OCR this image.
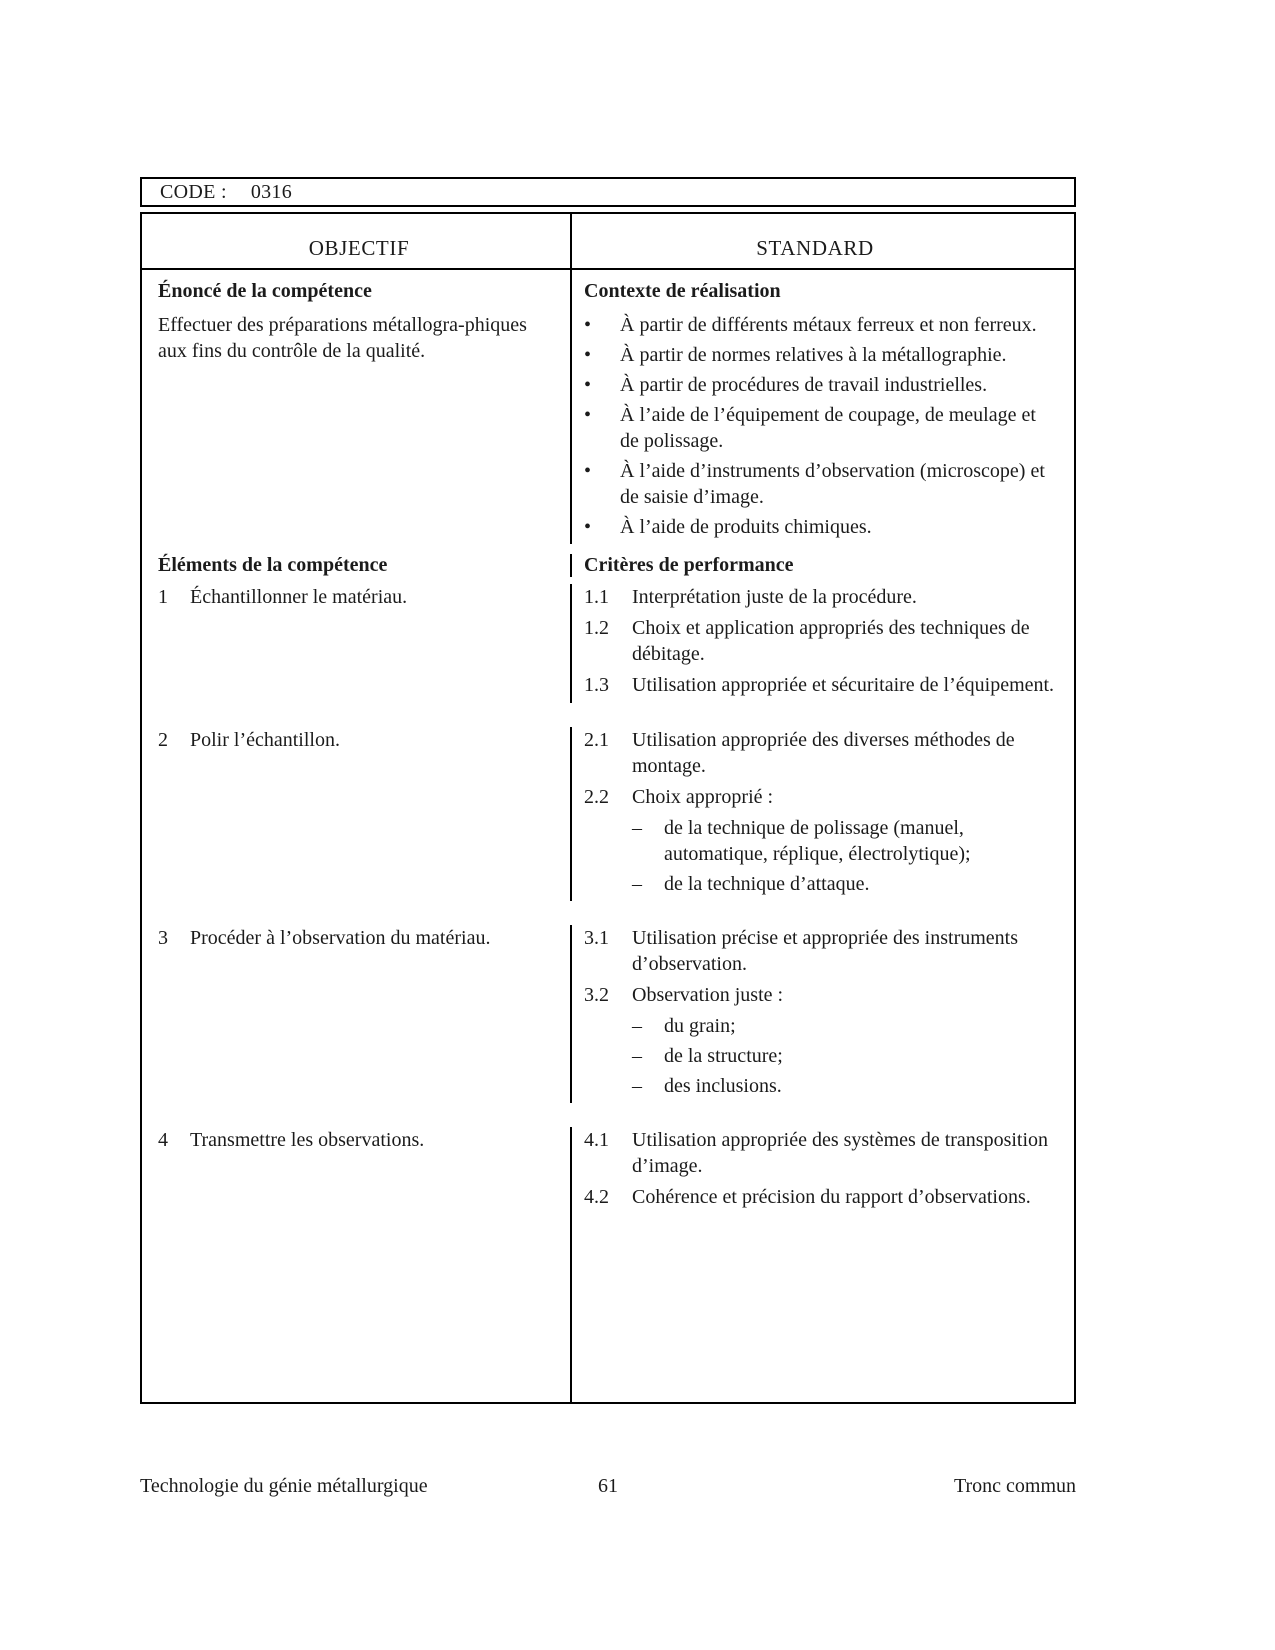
CODE : 0316
OBJECTIF	STANDARD
Énoncé de la compétence
Effectuer des préparations métallogra-phiques aux fins du contrôle de la qualité.
Contexte de réalisation
•	À partir de différents métaux ferreux et non ferreux.
•	À partir de normes relatives à la métallographie.
•	À partir de procédures de travail industrielles.
•	À l’aide de l’équipement de coupage, de meulage et de polissage.
•	À l’aide d’instruments d’observation (microscope) et de saisie d’image.
•	À l’aide de produits chimiques.
Éléments de la compétence	Critères de performance
1	Échantillonner le matériau.	1.1	Interprétation juste de la procédure.
1.2	Choix et application appropriés des techniques de débitage.
1.3	Utilisation appropriée et sécuritaire de l’équipement.
2	Polir l’échantillon.	2.1	Utilisation appropriée des diverses méthodes de montage.
2.2	Choix approprié :
–	de la technique de polissage (manuel, automatique, réplique, électrolytique);
–	de la technique d’attaque.
3	Procéder à l’observation du matériau.	3.1	Utilisation précise et appropriée des instruments d’observation.
3.2	Observation juste :
–	du grain;
–	de la structure;
–	des inclusions.
4	Transmettre les observations.	4.1	Utilisation appropriée des systèmes de transposition d’image.
4.2	Cohérence et précision du rapport d’observations.
Technologie du génie métallurgique	61	Tronc commun
